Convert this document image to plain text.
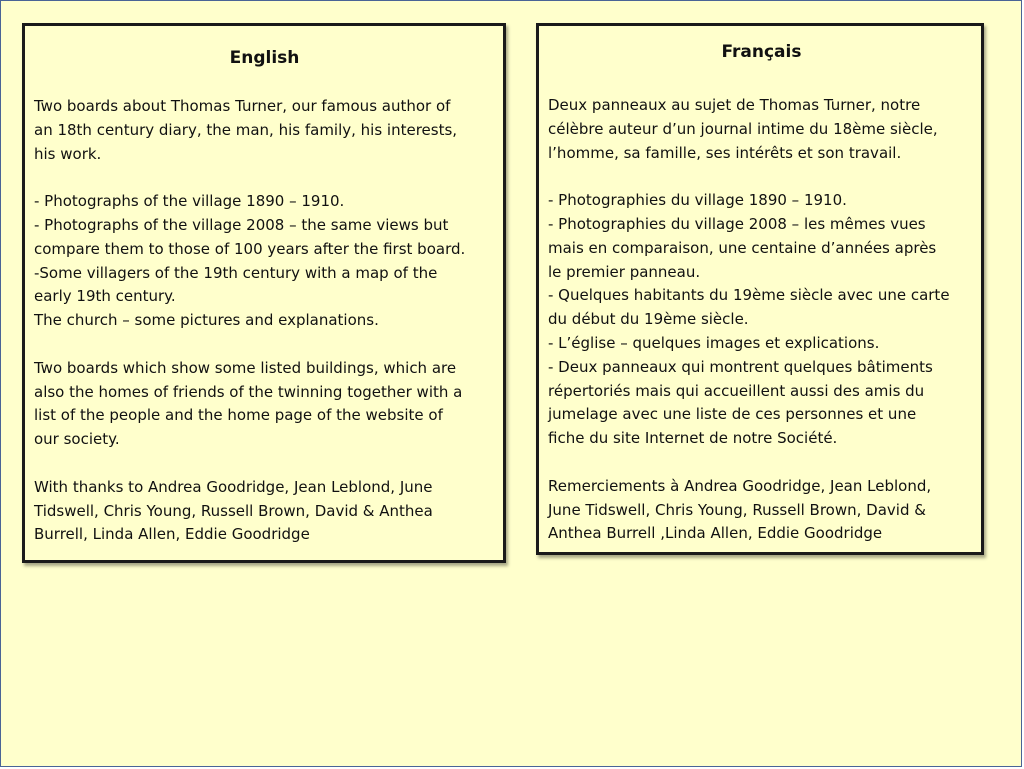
English

Two boards about Thomas Turner, our famous author of
an 18th century diary, the man, his family, his interests,
his work.

- Photographs of the village 1890 – 1910.
- Photographs of the village 2008 – the same views but
compare them to those of 100 years after the first board.
-Some villagers of the 19th century with a map of the
early 19th century.
The church – some pictures and explanations.

Two boards which show some listed buildings, which are
also the homes of friends of the twinning together with a
list of the people and the home page of the website of
our society.

With thanks to Andrea Goodridge, Jean Leblond, June
Tidswell, Chris Young, Russell Brown, David & Anthea
Burrell, Linda Allen, Eddie Goodridge

Français

Deux panneaux au sujet de Thomas Turner, notre
célèbre auteur d’un journal intime du 18ème siècle,
l’homme, sa famille, ses intérêts et son travail.

- Photographies du village 1890 – 1910.
- Photographies du village 2008 – les mêmes vues
mais en comparaison, une centaine d’années après
le premier panneau.
- Quelques habitants du 19ème siècle avec une carte
du début du 19ème siècle.
- L’église – quelques images et explications.
- Deux panneaux qui montrent quelques bâtiments
répertoriés mais qui accueillent aussi des amis du
jumelage avec une liste de ces personnes et une
fiche du site Internet de notre Société.

Remerciements à Andrea Goodridge, Jean Leblond,
June Tidswell, Chris Young, Russell Brown, David &
Anthea Burrell ,Linda Allen, Eddie Goodridge
